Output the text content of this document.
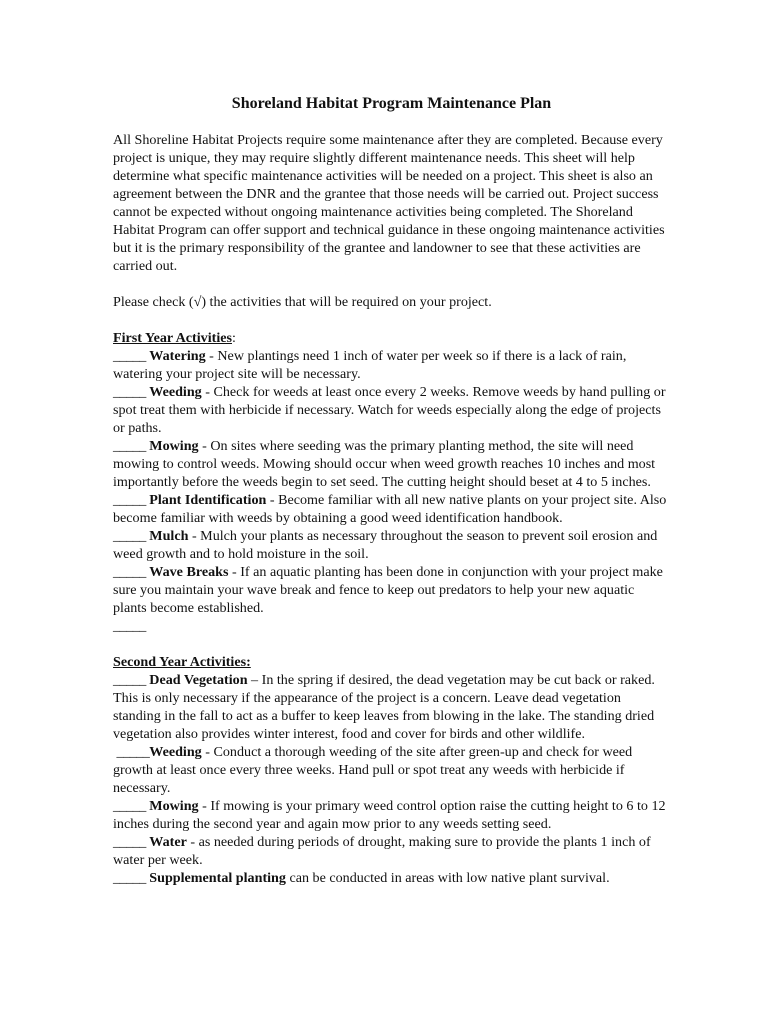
Shoreland Habitat Program Maintenance Plan

All Shoreline Habitat Projects require some maintenance after they are completed. Because every project is unique, they may require slightly different maintenance needs. This sheet will help determine what specific maintenance activities will be needed on a project. This sheet is also an agreement between the DNR and the grantee that those needs will be carried out. Project success cannot be expected without ongoing maintenance activities being completed. The Shoreland Habitat Program can offer support and technical guidance in these ongoing maintenance activities but it is the primary responsibility of the grantee and landowner to see that these activities are carried out.

Please check (√) the activities that will be required on your project.

First Year Activities:

_____ Watering - New plantings need 1 inch of water per week so if there is a lack of rain, watering your project site will be necessary.

_____ Weeding - Check for weeds at least once every 2 weeks. Remove weeds by hand pulling or spot treat them with herbicide if necessary. Watch for weeds especially along the edge of projects or paths.

_____ Mowing - On sites where seeding was the primary planting method, the site will need mowing to control weeds. Mowing should occur when weed growth reaches 10 inches and most importantly before the weeds begin to set seed. The cutting height should beset at 4 to 5 inches.

_____ Plant Identification - Become familiar with all new native plants on your project site. Also become familiar with weeds by obtaining a good weed identification handbook.

_____ Mulch - Mulch your plants as necessary throughout the season to prevent soil erosion and weed growth and to hold moisture in the soil.

_____ Wave Breaks - If an aquatic planting has been done in conjunction with your project make sure you maintain your wave break and fence to keep out predators to help your new aquatic plants become established.

_____

Second Year Activities:

_____ Dead Vegetation – In the spring if desired, the dead vegetation may be cut back or raked. This is only necessary if the appearance of the project is a concern. Leave dead vegetation standing in the fall to act as a buffer to keep leaves from blowing in the lake. The standing dried vegetation also provides winter interest, food and cover for birds and other wildlife.

_____Weeding - Conduct a thorough weeding of the site after green-up and check for weed growth at least once every three weeks. Hand pull or spot treat any weeds with herbicide if necessary.

_____ Mowing - If mowing is your primary weed control option raise the cutting height to 6 to 12 inches during the second year and again mow prior to any weeds setting seed.

_____ Water - as needed during periods of drought, making sure to provide the plants 1 inch of water per week.

_____ Supplemental planting can be conducted in areas with low native plant survival.
